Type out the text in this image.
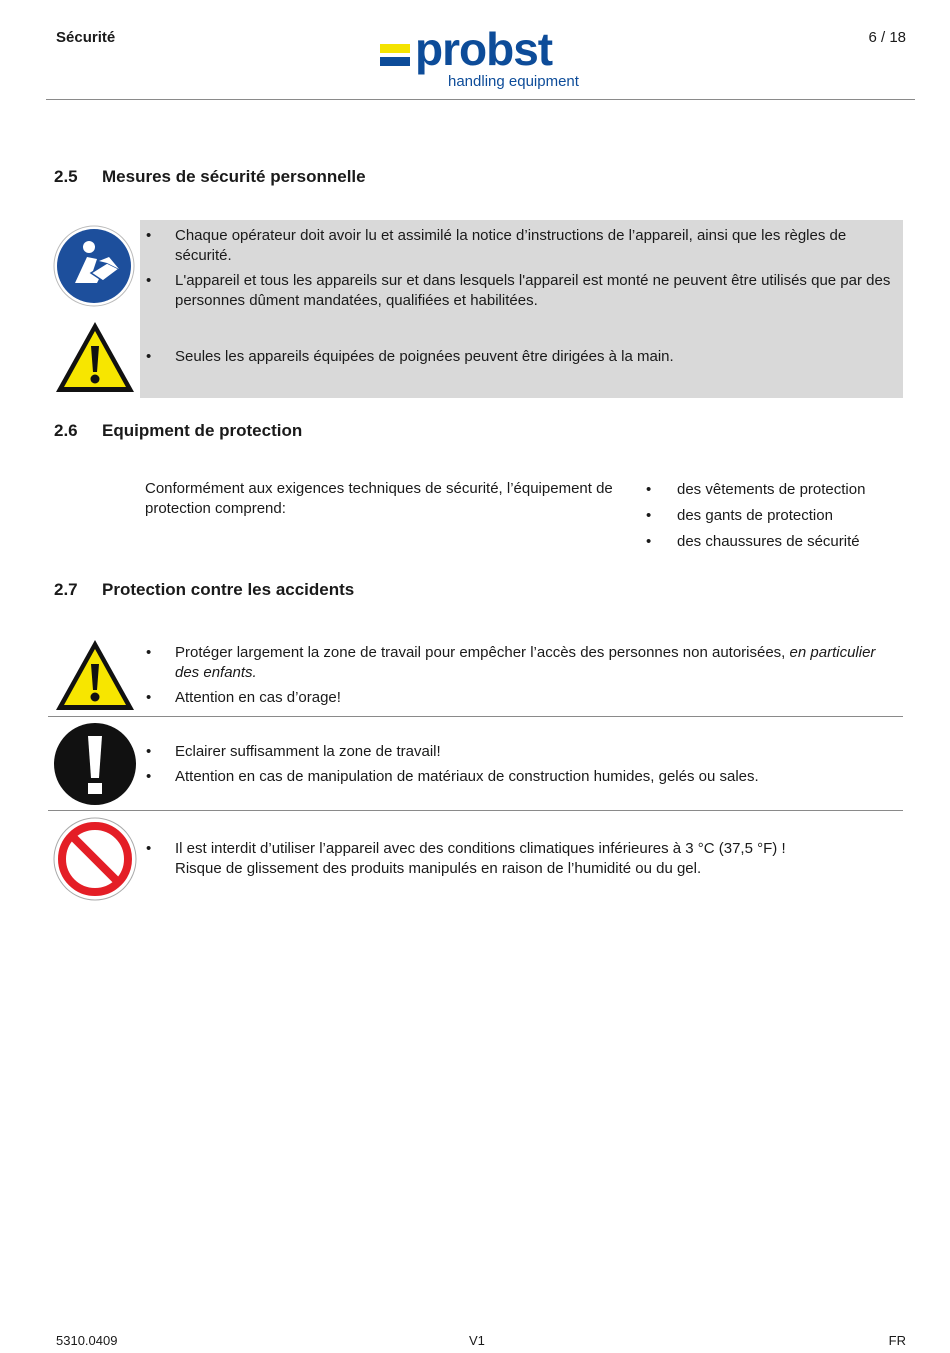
Sécurité	probst
handling equipment
6 / 18
2.5 Mesures de sécurité personnelle
• Chaque opérateur doit avoir lu et assimilé la notice d’instructions de l’appareil, ainsi que les règles de sécurité.
• L'appareil et tous les appareils sur et dans lesquels l'appareil est monté ne peuvent être utilisés que par des personnes dûment mandatées, qualifiées et habilitées.
• Seules les appareils équipées de poignées peuvent être dirigées à la main.
2.6 Equipment de protection
Conformément aux exigences techniques de sécurité, l’équipement de protection comprend:
• des vêtements de protection
• des gants de protection
• des chaussures de sécurité
2.7 Protection contre les accidents
• Protéger largement la zone de travail pour empêcher l’accès des personnes non autorisées, en particulier des enfants.
• Attention en cas d’orage!
• Eclairer suffisamment la zone de travail!
• Attention en cas de manipulation de matériaux de construction humides, gelés ou sales.
• Il est interdit d’utiliser l’appareil avec des conditions climatiques inférieures à 3 °C (37,5 °F) !
Risque de glissement des produits manipulés en raison de l’humidité ou du gel.
5310.0409	V1	FR
